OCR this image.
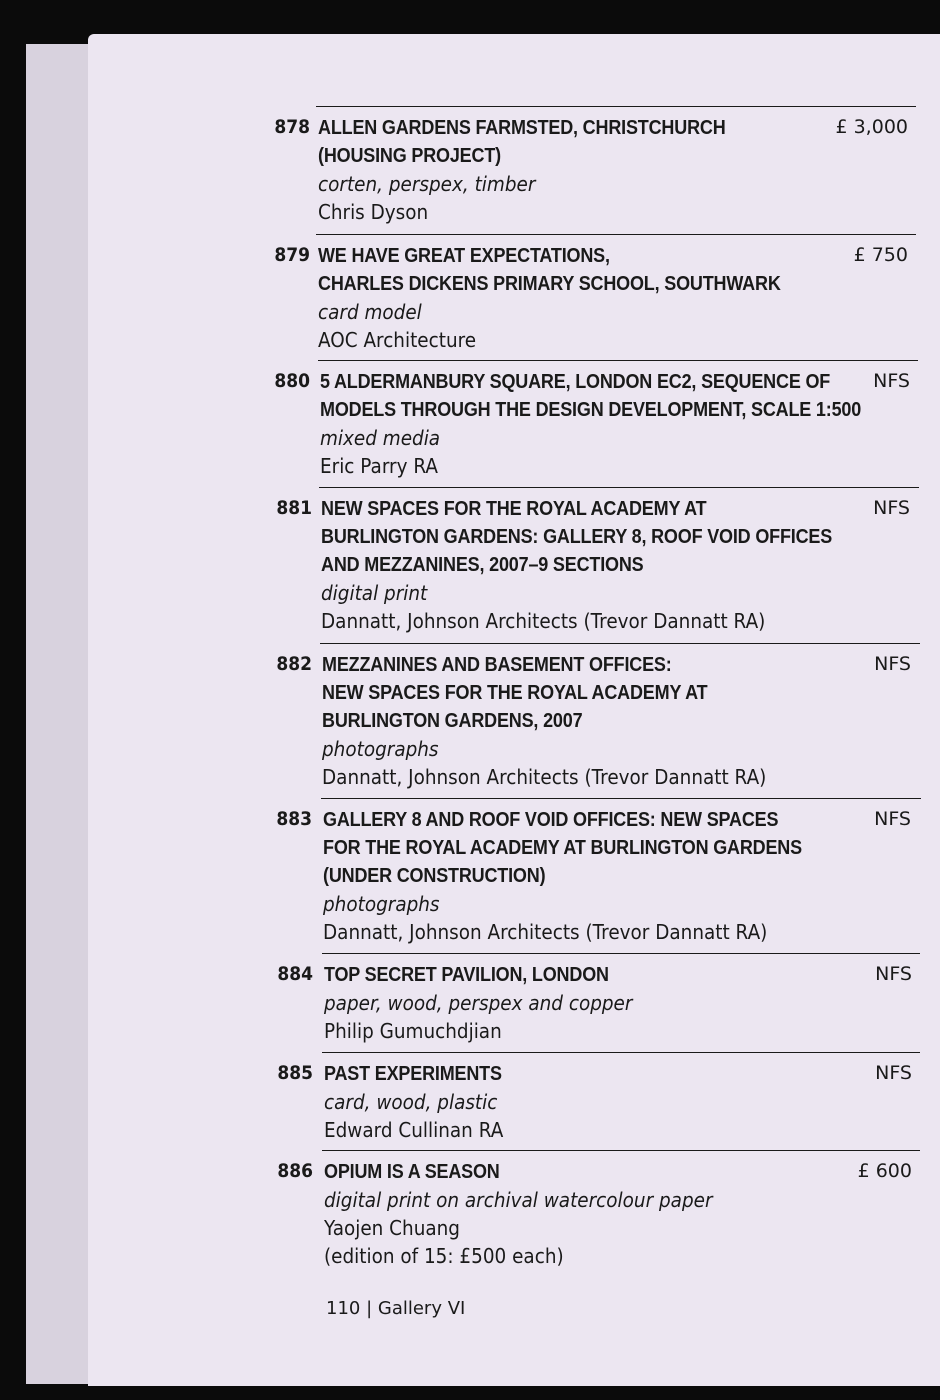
878 ALLEN GARDENS FARMSTED, CHRISTCHURCH
(HOUSING PROJECT)
corten, perspex, timber
Chris Dyson
£ 3,000
879 WE HAVE GREAT EXPECTATIONS,
CHARLES DICKENS PRIMARY SCHOOL, SOUTHWARK
card model
AOC Architecture
£ 750
880 5 ALDERMANBURY SQUARE, LONDON EC2, SEQUENCE OF
MODELS THROUGH THE DESIGN DEVELOPMENT, SCALE 1:500
mixed media
Eric Parry RA
NFS
881 NEW SPACES FOR THE ROYAL ACADEMY AT
BURLINGTON GARDENS: GALLERY 8, ROOF VOID OFFICES
AND MEZZANINES, 2007–9 SECTIONS
digital print
Dannatt, Johnson Architects (Trevor Dannatt RA)
NFS
882 MEZZANINES AND BASEMENT OFFICES:
NEW SPACES FOR THE ROYAL ACADEMY AT
BURLINGTON GARDENS, 2007
photographs
Dannatt, Johnson Architects (Trevor Dannatt RA)
NFS
883 GALLERY 8 AND ROOF VOID OFFICES: NEW SPACES
FOR THE ROYAL ACADEMY AT BURLINGTON GARDENS
(UNDER CONSTRUCTION)
photographs
Dannatt, Johnson Architects (Trevor Dannatt RA)
NFS
884 TOP SECRET PAVILION, LONDON
paper, wood, perspex and copper
Philip Gumuchdjian
NFS
885 PAST EXPERIMENTS
card, wood, plastic
Edward Cullinan RA
NFS
886 OPIUM IS A SEASON
digital print on archival watercolour paper
Yaojen Chuang
(edition of 15: £500 each)
£ 600
110 | Gallery VI
